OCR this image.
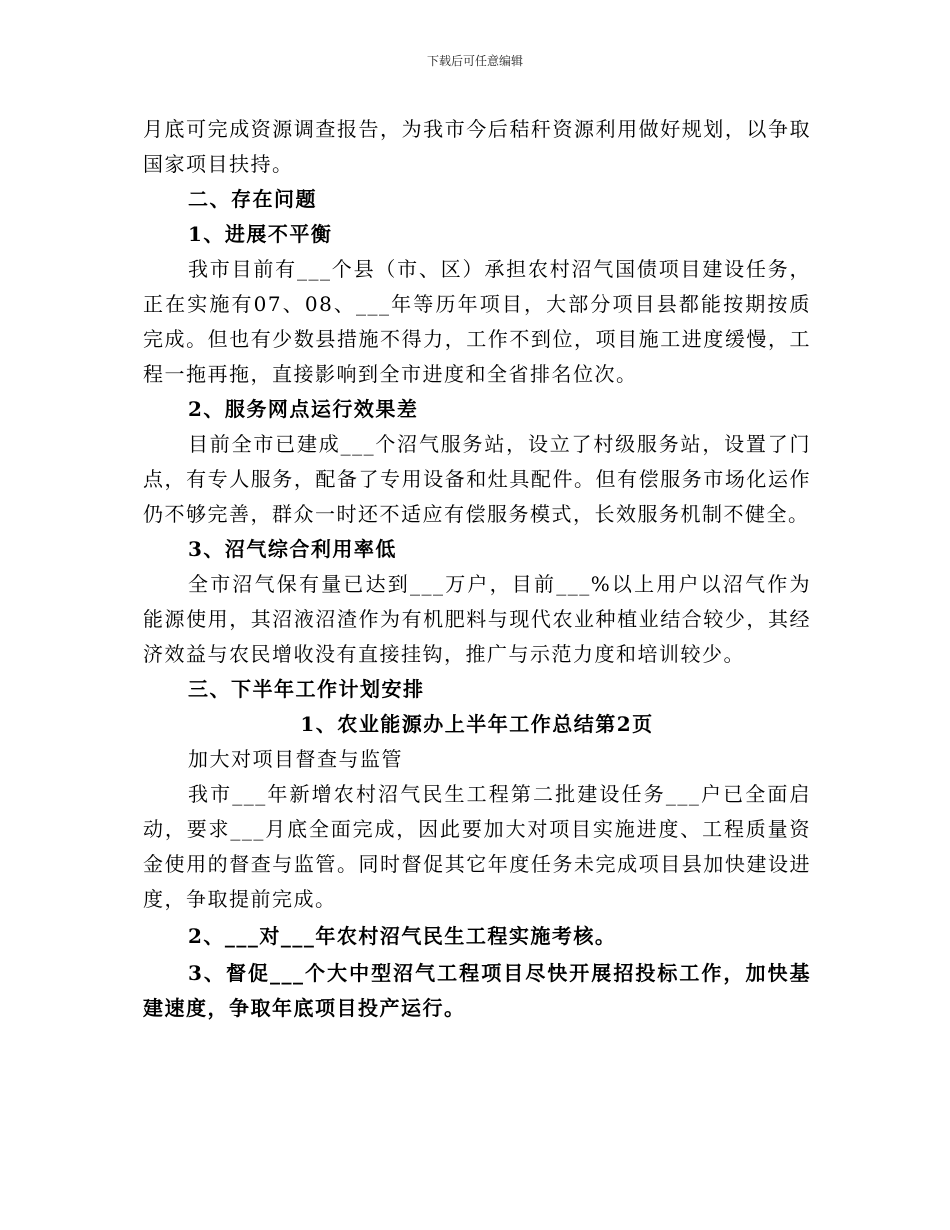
下载后可任意编辑

月底可完成资源调查报告，为我市今后秸秆资源利用做好规划，以争取国家项目扶持。

二、存在问题

1、进展不平衡

我市目前有___个县（市、区）承担农村沼气国债项目建设任务，正在实施有07、08、___年等历年项目，大部分项目县都能按期按质完成。但也有少数县措施不得力，工作不到位，项目施工进度缓慢，工程一拖再拖，直接影响到全市进度和全省排名位次。

2、服务网点运行效果差

目前全市已建成___个沼气服务站，设立了村级服务站，设置了门点，有专人服务，配备了专用设备和灶具配件。但有偿服务市场化运作仍不够完善，群众一时还不适应有偿服务模式，长效服务机制不健全。

3、沼气综合利用率低

全市沼气保有量已达到___万户，目前___%以上用户以沼气作为能源使用，其沼液沼渣作为有机肥料与现代农业种植业结合较少，其经济效益与农民增收没有直接挂钩，推广与示范力度和培训较少。

三、下半年工作计划安排

1、农业能源办上半年工作总结第2页

加大对项目督查与监管

我市___年新增农村沼气民生工程第二批建设任务___户已全面启动，要求___月底全面完成，因此要加大对项目实施进度、工程质量资金使用的督查与监管。同时督促其它年度任务未完成项目县加快建设进度，争取提前完成。

2、___对___年农村沼气民生工程实施考核。

3、督促___个大中型沼气工程项目尽快开展招投标工作，加快基建速度，争取年底项目投产运行。
